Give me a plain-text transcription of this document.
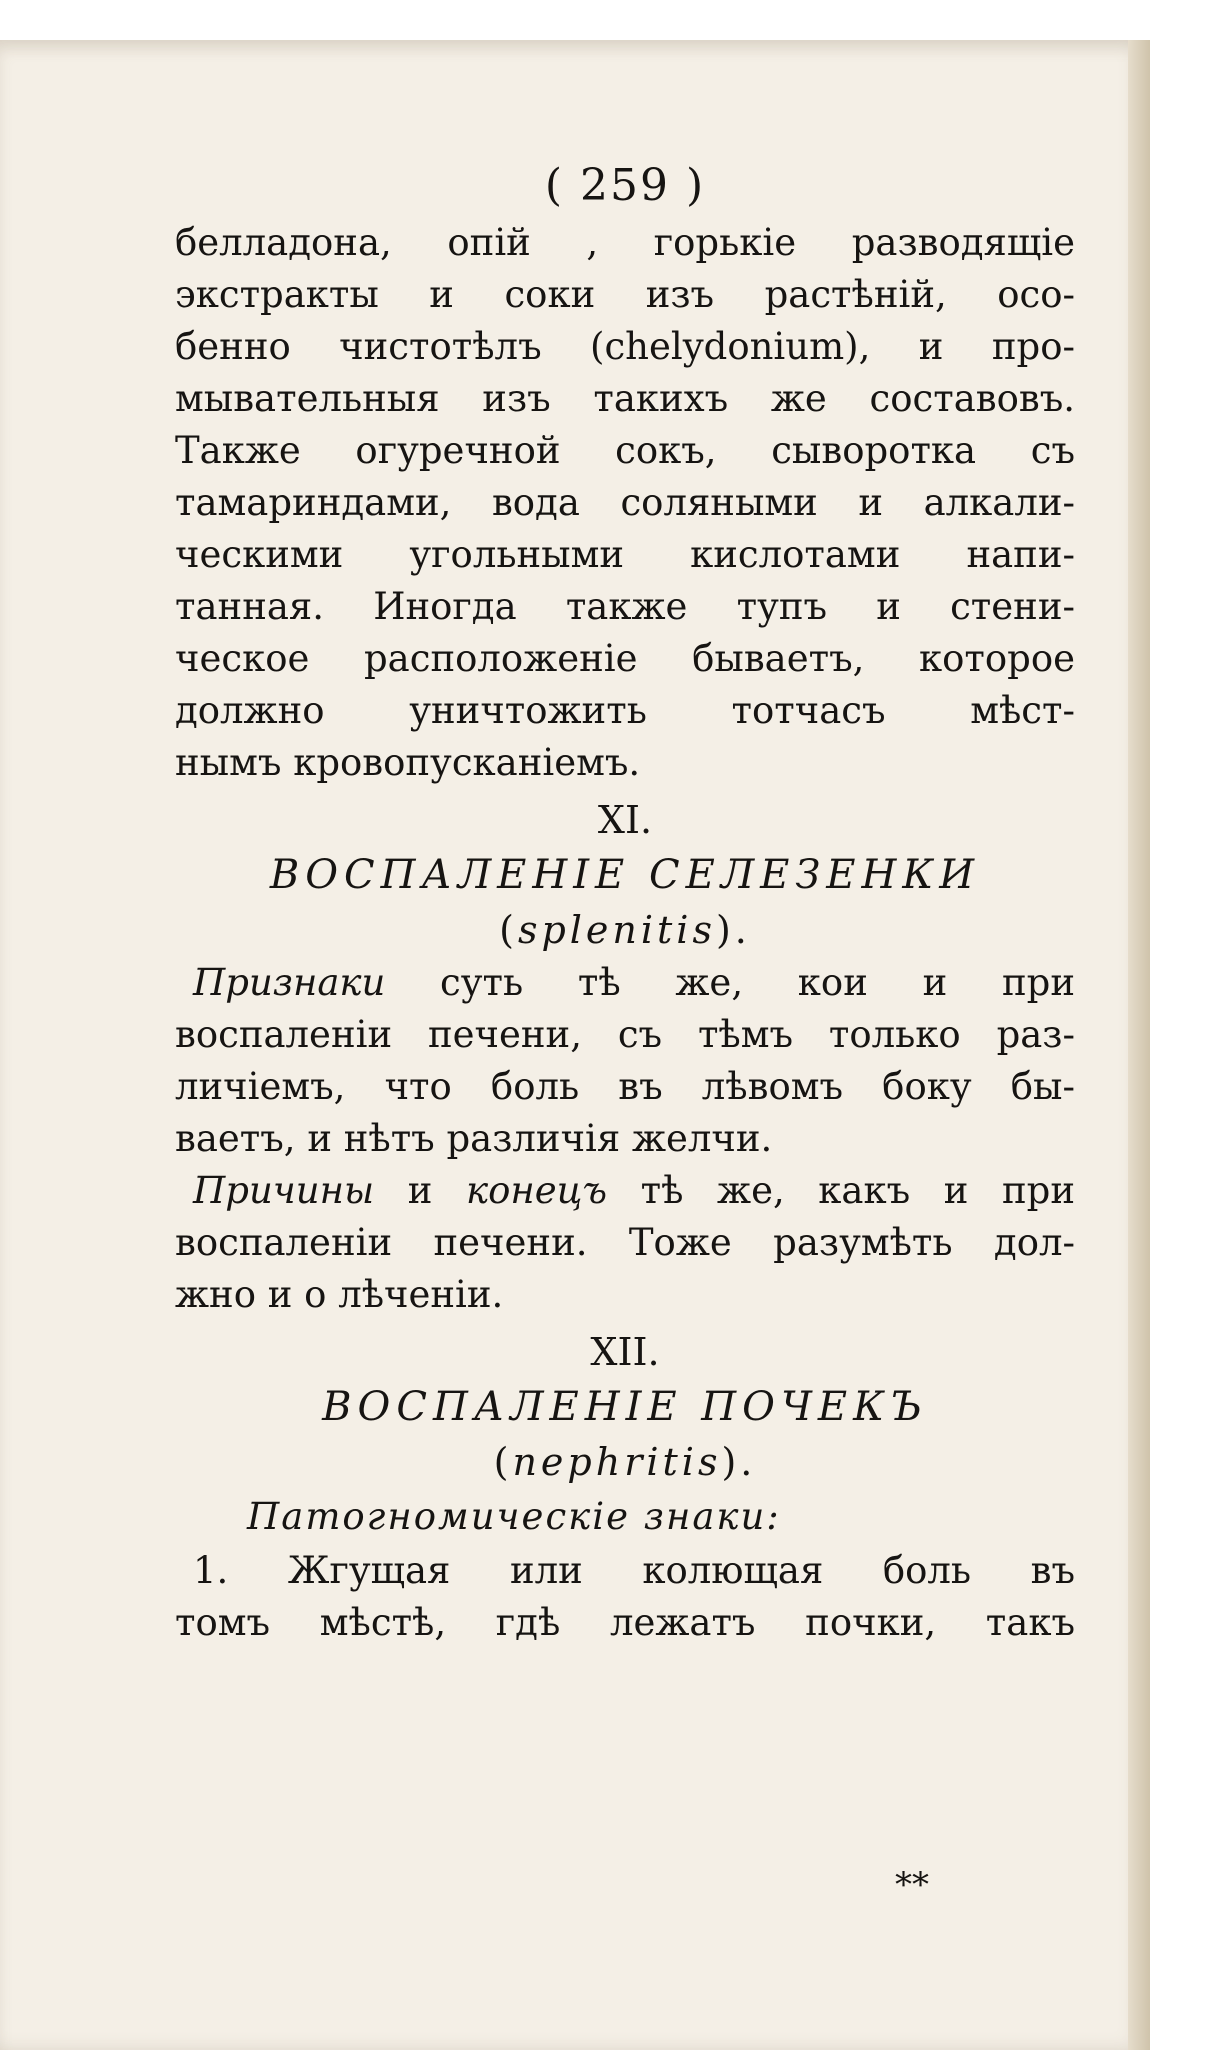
( 259 )
белладона, опій , горькіе разводящіе
экстракты и соки изъ растѣній, осо-
бенно чистотѣлъ (chelydonium), и про-
мывательныя изъ такихъ же составовъ.
Также огуречной сокъ, сыворотка съ
тамариндами, вода соляными и алкали-
ческими угольными кислотами напи-
танная. Иногда также тупъ и стени-
ческое расположеніе бываетъ, которое
должно уничтожить тотчасъ мѣст-
нымъ кровопусканіемъ.
XI.
ВОСПАЛЕНІЕ СЕЛЕЗЕНКИ
(splenitis).
Признаки суть тѣ же, кои и при
воспаленіи печени, съ тѣмъ только раз-
личіемъ, что боль въ лѣвомъ боку бы-
ваетъ, и нѣтъ различія желчи.
Причины и конецъ тѣ же, какъ и при
воспаленіи печени. Тоже разумѣть дол-
жно и о лѣченіи.
XII.
ВОСПАЛЕНІЕ ПОЧЕКЪ
(nephritis).
Патогномическіе знаки:
1. Жгущая или колющая боль въ
томъ мѣстѣ, гдѣ лежатъ почки, такъ
**
